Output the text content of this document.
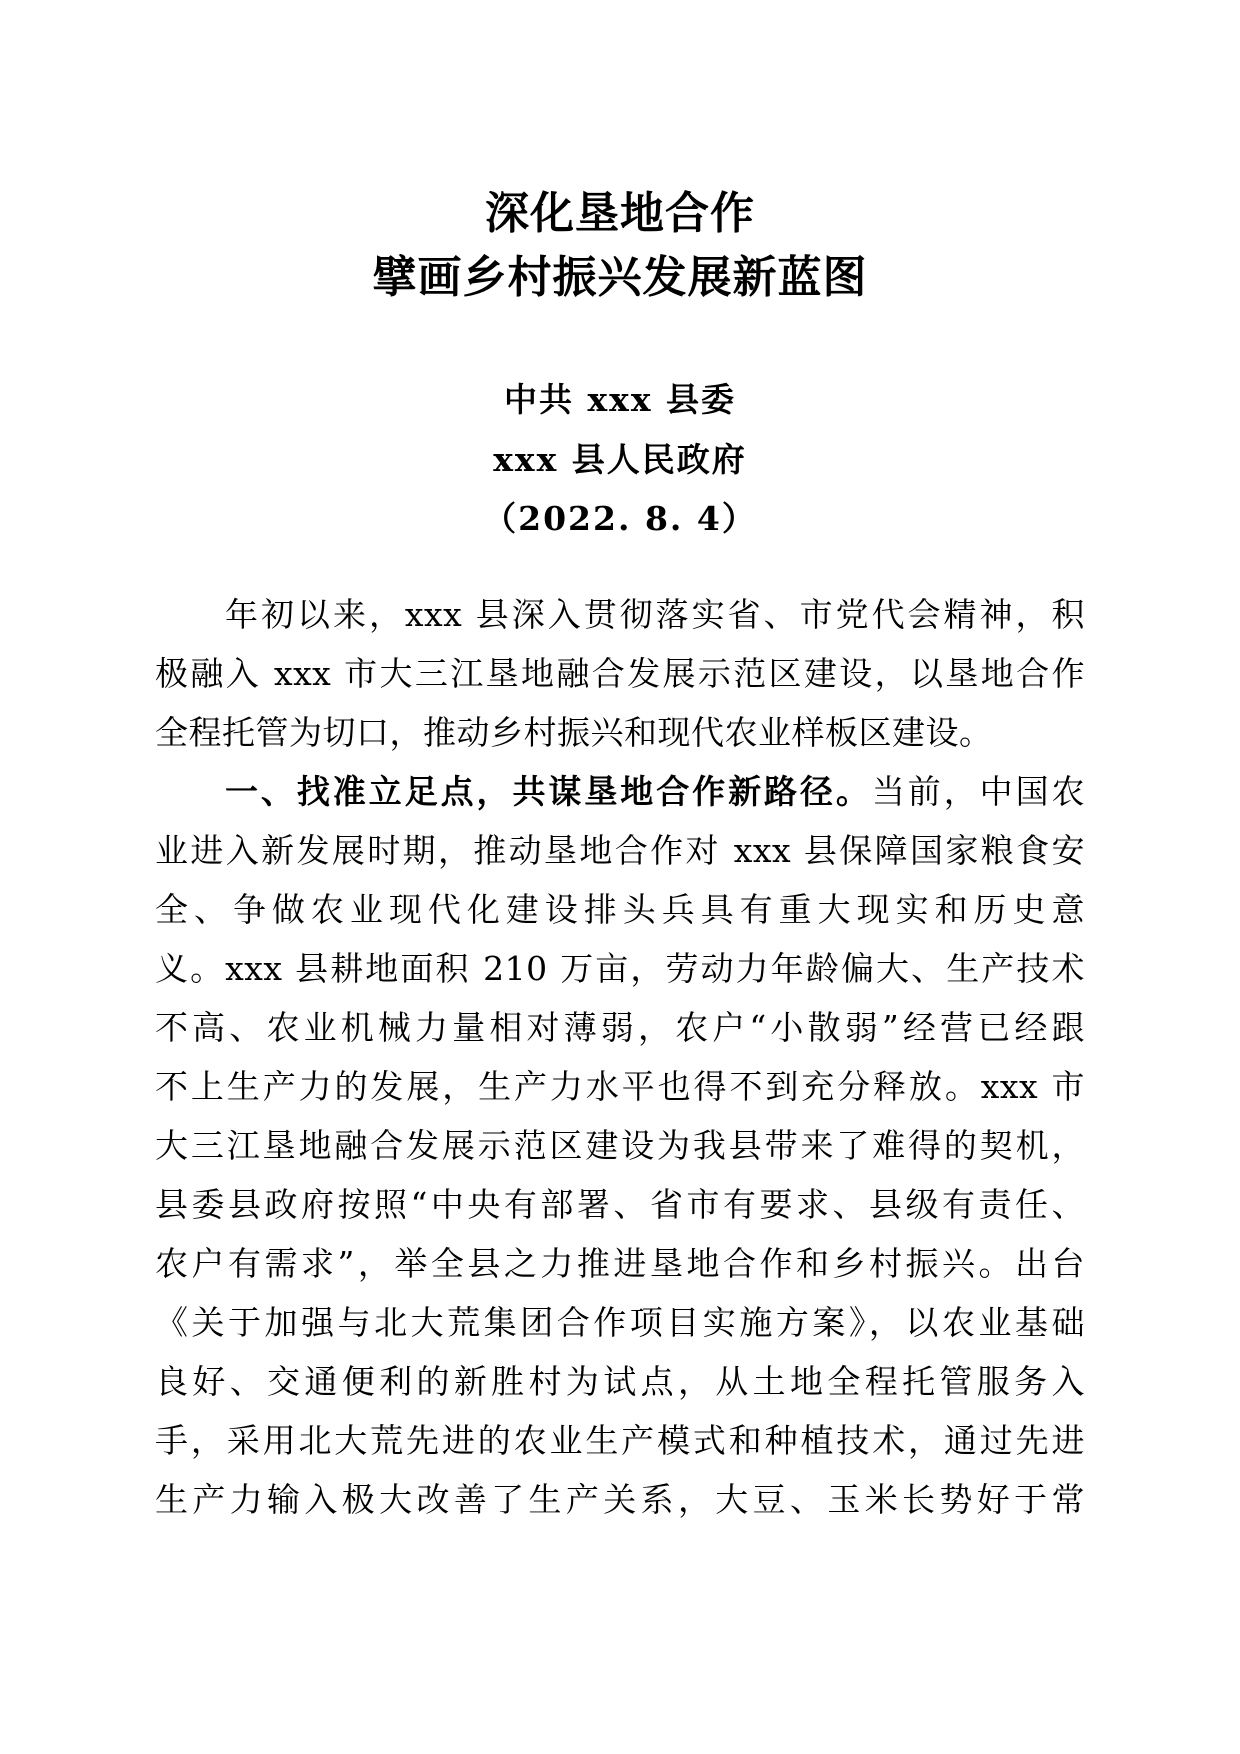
深化垦地合作
擘画乡村振兴发展新蓝图
中共 xxx 县委
xxx 县人民政府
（2022. 8. 4）
年初以来，xxx 县深入贯彻落实省、市党代会精神，积
极融入 xxx 市大三江垦地融合发展示范区建设，以垦地合作
全程托管为切口，推动乡村振兴和现代农业样板区建设。
一、找准立足点，共谋垦地合作新路径。当前，中国农
业进入新发展时期，推动垦地合作对 xxx 县保障国家粮食安
全、争做农业现代化建设排头兵具有重大现实和历史意
义。xxx 县耕地面积 210 万亩，劳动力年龄偏大、生产技术
不高、农业机械力量相对薄弱，农户“小散弱”经营已经跟
不上生产力的发展，生产力水平也得不到充分释放。xxx 市
大三江垦地融合发展示范区建设为我县带来了难得的契机，
县委县政府按照“中央有部署、省市有要求、县级有责任、
农户有需求”，举全县之力推进垦地合作和乡村振兴。出台
《关于加强与北大荒集团合作项目实施方案》，以农业基础
良好、交通便利的新胜村为试点，从土地全程托管服务入
手，采用北大荒先进的农业生产模式和种植技术，通过先进
生产力输入极大改善了生产关系，大豆、玉米长势好于常
